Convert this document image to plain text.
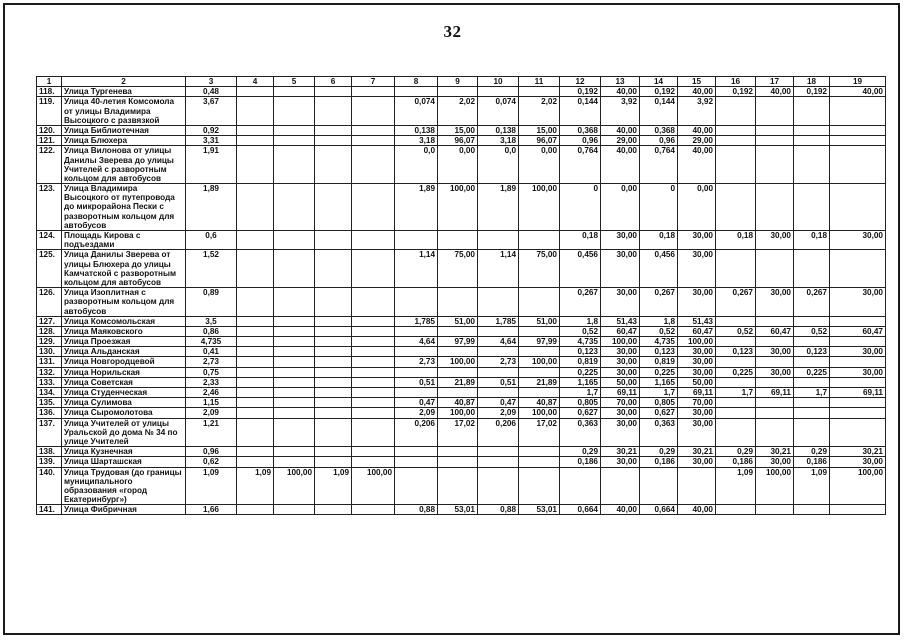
32
1	2	3	4	5	6	7	8	9	10	11	12	13	14	15	16	17	18	19
118.	Улица Тургенева	0,48									0,192	40,00	0,192	40,00	0,192	40,00	0,192	40,00
119.	Улица 40-летия Комсомола от улицы Владимира Высоцкого с развязкой	3,67					0,074	2,02	0,074	2,02	0,144	3,92	0,144	3,92				
120.	Улица Библиотечная	0,92					0,138	15,00	0,138	15,00	0,368	40,00	0,368	40,00				
121.	Улица Блюхера	3,31					3,18	96,07	3,18	96,07	0,96	29,00	0,96	29,00				
122.	Улица Вилонова от улицы Данилы Зверева до улицы Учителей с разворотным кольцом для автобусов	1,91					0,0	0,00	0,0	0,00	0,764	40,00	0,764	40,00				
123.	Улица Владимира Высоцкого от путепровода до микрорайона Пески с разворотным кольцом для автобусов	1,89					1,89	100,00	1,89	100,00	0	0,00	0	0,00				
124.	Площадь Кирова с подъездами	0,6									0,18	30,00	0,18	30,00	0,18	30,00	0,18	30,00
125.	Улица Данилы Зверева от улицы Блюхера до улицы Камчатской с разворотным кольцом для автобусов	1,52					1,14	75,00	1,14	75,00	0,456	30,00	0,456	30,00				
126.	Улица Изоплитная с разворотным кольцом для автобусов	0,89									0,267	30,00	0,267	30,00	0,267	30,00	0,267	30,00
127.	Улица Комсомольская	3,5					1,785	51,00	1,785	51,00	1,8	51,43	1,8	51,43				
128.	Улица Маяковского	0,86									0,52	60,47	0,52	60,47	0,52	60,47	0,52	60,47
129.	Улица Проезжая	4,735					4,64	97,99	4,64	97,99	4,735	100,00	4,735	100,00				
130.	Улица Альданская	0,41									0,123	30,00	0,123	30,00	0,123	30,00	0,123	30,00
131.	Улица Новгородцевой	2,73					2,73	100,00	2,73	100,00	0,819	30,00	0,819	30,00				
132.	Улица Норильская	0,75									0,225	30,00	0,225	30,00	0,225	30,00	0,225	30,00
133.	Улица Советская	2,33					0,51	21,89	0,51	21,89	1,165	50,00	1,165	50,00				
134.	Улица Студенческая	2,46									1,7	69,11	1,7	69,11	1,7	69,11	1,7	69,11
135.	Улица Сулимова	1,15					0,47	40,87	0,47	40,87	0,805	70,00	0,805	70,00				
136.	Улица Сыромолотова	2,09					2,09	100,00	2,09	100,00	0,627	30,00	0,627	30,00				
137.	Улица Учителей от улицы Уральской до дома № 34 по улице Учителей	1,21					0,206	17,02	0,206	17,02	0,363	30,00	0,363	30,00				
138.	Улица Кузнечная	0,96									0,29	30,21	0,29	30,21	0,29	30,21	0,29	30,21
139.	Улица Шарташская	0,62									0,186	30,00	0,186	30,00	0,186	30,00	0,186	30,00
140.	Улица Трудовая (до границы муниципального образования «город Екатеринбург»)	1,09	1,09	100,00	1,09	100,00									1,09	100,00	1,09	100,00
141.	Улица Фибричная	1,66					0,88	53,01	0,88	53,01	0,664	40,00	0,664	40,00				
